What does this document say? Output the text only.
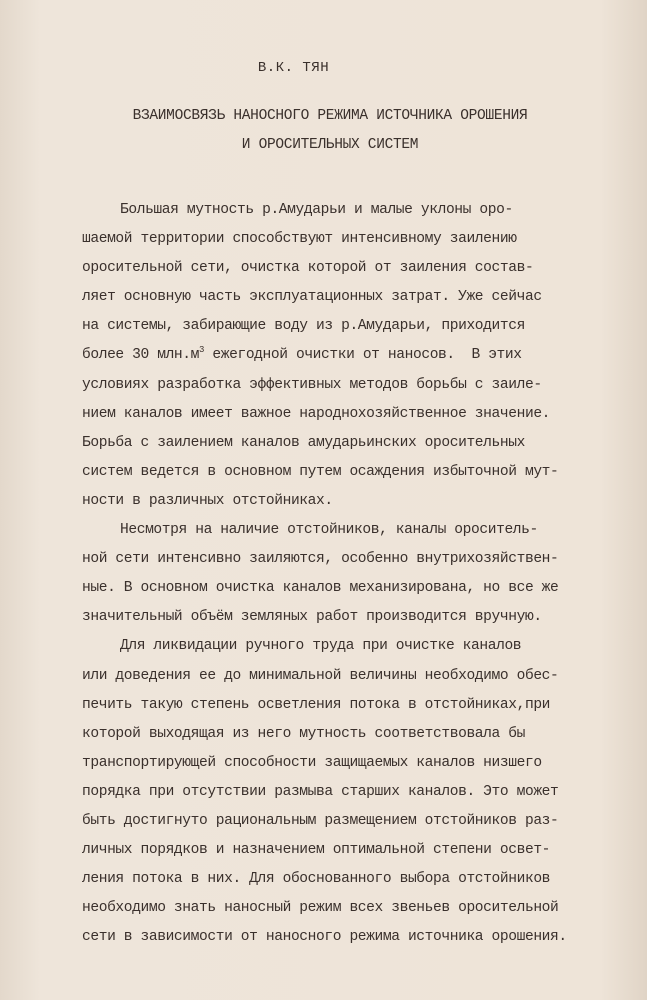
В.К. ТЯН
ВЗАИМОСВЯЗЬ НАНОСНОГО РЕЖИМА ИСТОЧНИКА ОРОШЕНИЯ
И ОРОСИТЕЛЬНЫХ СИСТЕМ
Большая мутность р.Амударьи и малые уклоны оро-
шаемой территории способствуют интенсивному заилению
оросительной сети, очистка которой от заиления состав-
ляет основную часть эксплуатационных затрат. Уже сейчас
на системы, забирающие воду из р.Амударьи, приходится
более 30 $млн.м^3$ ежегодной очистки от наносов.  В этих
условиях разработка эффективных методов борьбы с заиле-
нием каналов имеет важное народнохозяйственное значение.
Борьба с заилением каналов амударьинских оросительных
систем ведется в основном путем осаждения избыточной мут-
ности в различных отстойниках.
Несмотря на наличие отстойников, каналы ороситель-
ной сети интенсивно заиляются, особенно внутрихозяйствен-
ные. В основном очистка каналов механизирована, но все же
значительный объём земляных работ производится вручную.
Для ликвидации ручного труда при очистке каналов
или доведения ее до минимальной величины необходимо обес-
печить такую степень осветления потока в отстойниках,при
которой выходящая из него мутность соответствовала бы
транспортирующей способности защищаемых каналов низшего
порядка при отсутствии размыва старших каналов. Это может
быть достигнуто рациональным размещением отстойников раз-
личных порядков и назначением оптимальной степени освет-
ления потока в них. Для обоснованного выбора отстойников
необходимо знать наносный режим всех звеньев оросительной
сети в зависимости от наносного режима источника орошения.
